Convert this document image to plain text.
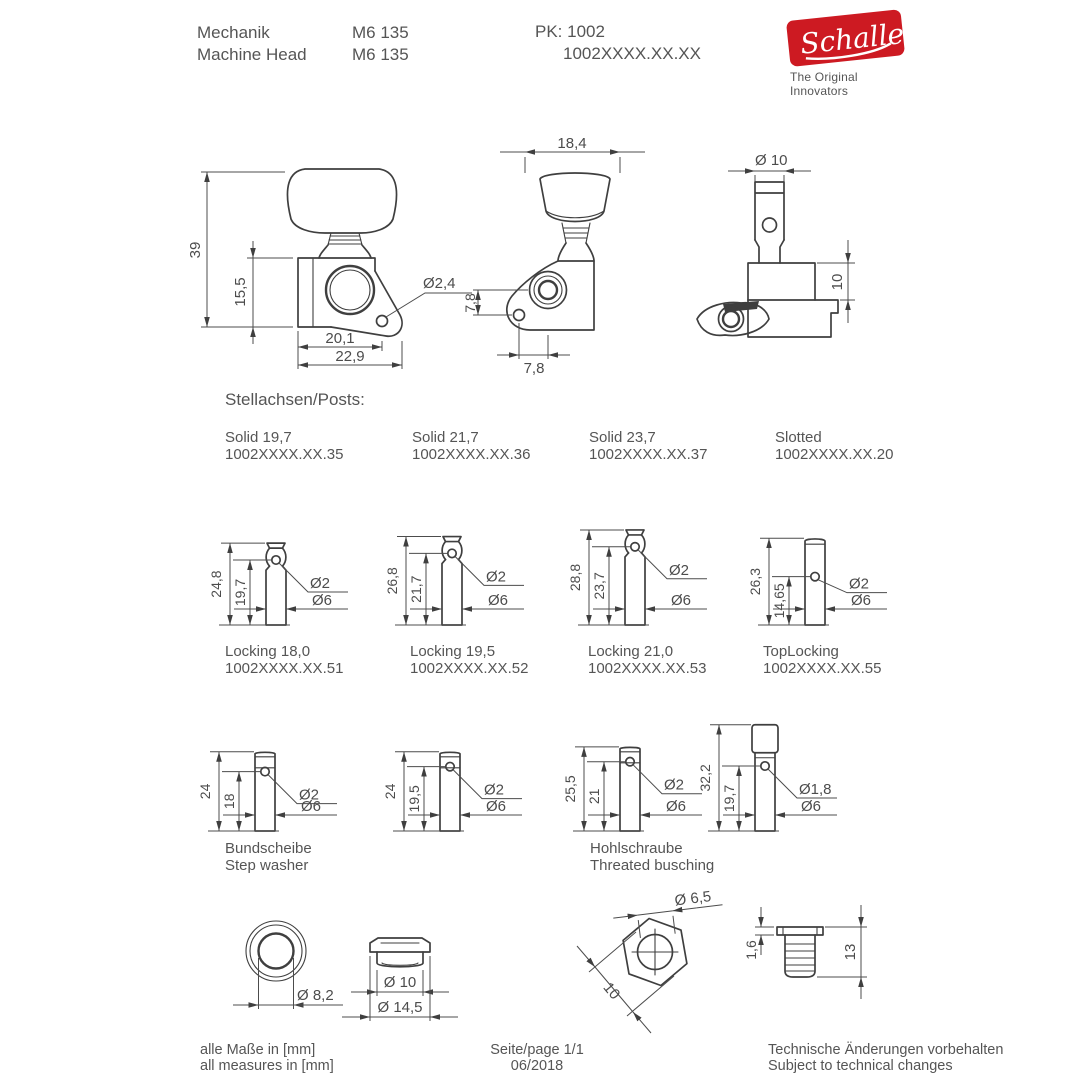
Mechanik	M6 135
Machine Head	M6 135
PK: 1002
1002XXXX.XX.XX	Schaller
The Original Innovators
39
15,5	Ø2,4
20,1
22,9
18,4
7,8
7,8
Ø 10
10
Stellachsen/Posts:
Solid 19,7
1002XXXX.XX.35
Solid 21,7
1002XXXX.XX.36
Solid 23,7
1002XXXX.XX.37
Slotted
1002XXXX.XX.20
24,8 19,7	Ø2
Ø6
26,8 21,7	Ø2
Ø6
28,8 23,7
Ø2
Ø6
26,3
14,65	Ø2
Ø6
Locking 18,0
1002XXXX.XX.51
Locking 19,5
1002XXXX.XX.52
Locking 21,0
1002XXXX.XX.53
TopLocking
1002XXXX.XX.55
24
18	Ø2
Ø6
24 19,5	Ø2
Ø6
25,5 21
Ø2
Ø6
32,2
19,7	Ø1,8
Ø6
Bundscheibe
Step washer
Hohlschraube
Threated busching
Ø 8,2
Ø 10
Ø 14,5
Ø 6,5
10
1,6	13
alle Maße in [mm]
all measures in [mm]
Seite/page 1/1
06/2018
Technische Änderungen vorbehalten
Subject to technical changes
